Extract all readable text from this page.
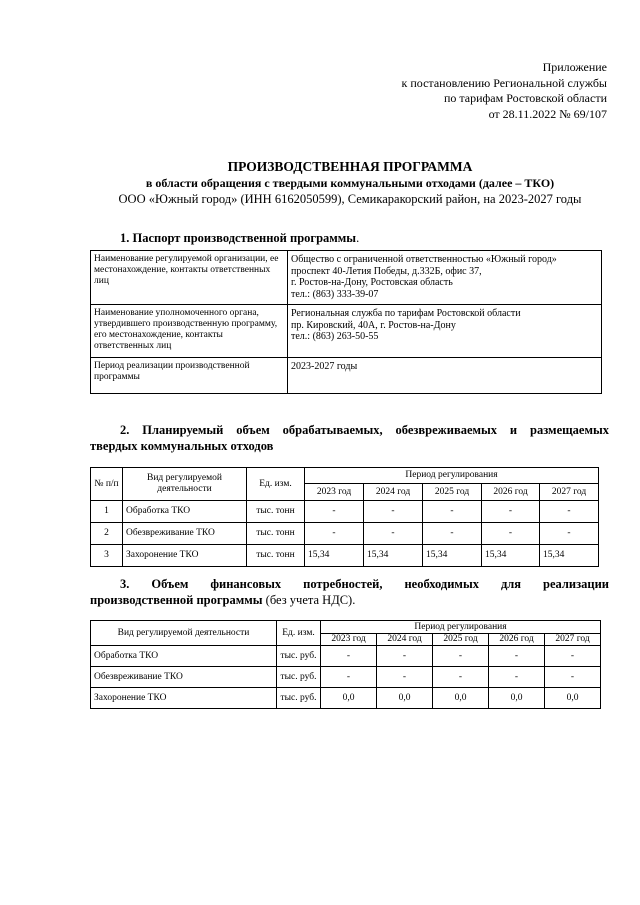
Приложение
к постановлению Региональной службы
по тарифам Ростовской области
от 28.11.2022 № 69/107
ПРОИЗВОДСТВЕННАЯ ПРОГРАММА
в области обращения с твердыми коммунальными отходами (далее – ТКО)
ООО «Южный город» (ИНН 6162050599), Семикаракорский район, на 2023-2027 годы
1. Паспорт производственной программы.
Наименование регулируемой организации, ее местонахождение, контакты ответственных лиц	Общество с ограниченной ответственностью «Южный город»
проспект 40-Летия Победы, д.332Б, офис 37,
г. Ростов-на-Дону, Ростовская область
тел.: (863) 333-39-07

Наименование уполномоченного органа, утвердившего производственную программу, его местонахождение, контакты ответственных лиц	Региональная служба по тарифам Ростовской области
пр. Кировский, 40А, г. Ростов-на-Дону
тел.: (863) 263-50-55

Период реализации производственной программы	2023-2027 годы
2. Планируемый объем обрабатываемых, обезвреживаемых и размещаемых
твердых коммунальных отходов
№ п/п	Вид регулируемой деятельности	Ед. изм.	Период регулирования				
			2023 год	2024 год	2025 год	2026 год	2027 год
1	Обработка ТКО	тыс. тонн	-	-	-	-	-
2	Обезвреживание ТКО	тыс. тонн	-	-	-	-	-
3	Захоронение ТКО	тыс. тонн	15,34	15,34	15,34	15,34	15,34
3. Объем финансовых потребностей, необходимых для реализации
производственной программы (без учета НДС).
Вид регулируемой деятельности	Ед. изм.	Период регулирования				
		2023 год	2024 год	2025 год	2026 год	2027 год
Обработка ТКО	тыс. руб.	-	-	-	-	-
Обезвреживание ТКО	тыс. руб.	-	-	-	-	-
Захоронение ТКО	тыс. руб.	0,0	0,0	0,0	0,0	0,0
